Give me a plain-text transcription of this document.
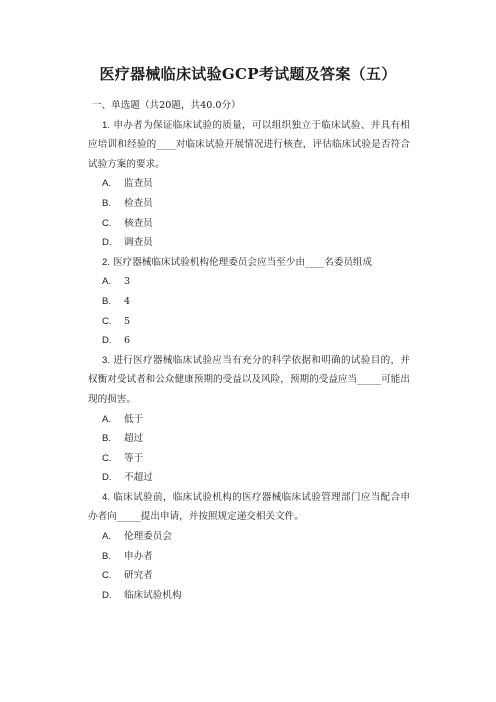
医疗器械临床试验GCP考试题及答案（五）

一、单选题（共20题，共40.0分）

1. 申办者为保证临床试验的质量，可以组织独立于临床试验、并具有相应培训和经验的____对临床试验开展情况进行核查，评估临床试验是否符合试验方案的要求。

A. 监查员
B. 检查员
C. 核查员
D. 调查员

2. 医疗器械临床试验机构伦理委员会应当至少由____名委员组成

A. 3
B. 4
C. 5
D. 6

3. 进行医疗器械临床试验应当有充分的科学依据和明确的试验目的，并权衡对受试者和公众健康预期的受益以及风险，预期的受益应当_____可能出现的损害。

A. 低于
B. 超过
C. 等于
D. 不超过

4. 临床试验前，临床试验机构的医疗器械临床试验管理部门应当配合申办者向_____提出申请，并按照规定递交相关文件。

A. 伦理委员会
B. 申办者
C. 研究者
D. 临床试验机构
